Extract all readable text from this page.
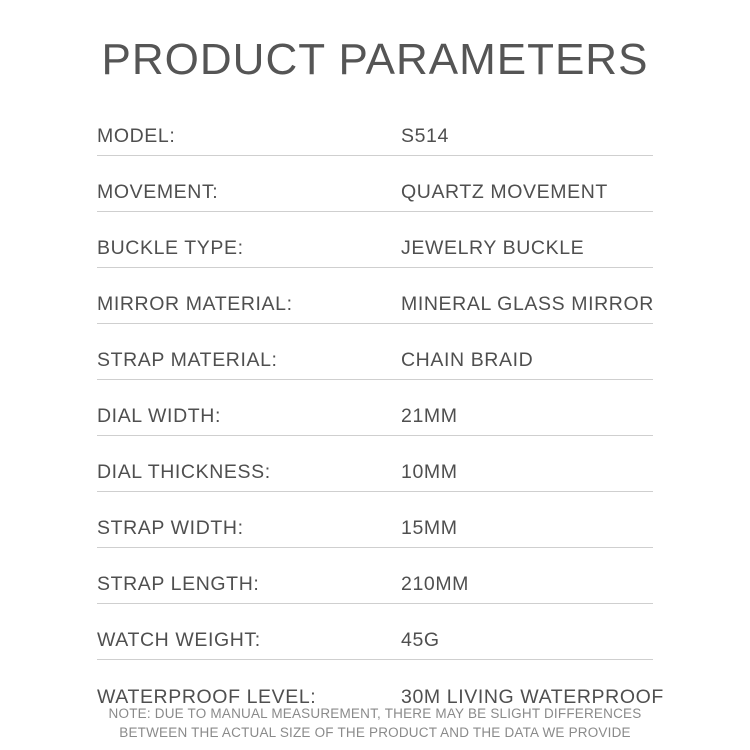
PRODUCT PARAMETERS
MODEL:	S514
MOVEMENT:	QUARTZ MOVEMENT
BUCKLE TYPE:	JEWELRY BUCKLE
MIRROR MATERIAL:	MINERAL GLASS MIRROR
STRAP MATERIAL:	CHAIN BRAID
DIAL WIDTH:	21MM
DIAL THICKNESS:	10MM
STRAP WIDTH:	15MM
STRAP LENGTH:	210MM
WATCH WEIGHT:	45G
WATERPROOF LEVEL:	30M LIVING WATERPROOF
NOTE: DUE TO MANUAL MEASUREMENT, THERE MAY BE SLIGHT DIFFERENCES
BETWEEN THE ACTUAL SIZE OF THE PRODUCT AND THE DATA WE PROVIDE
